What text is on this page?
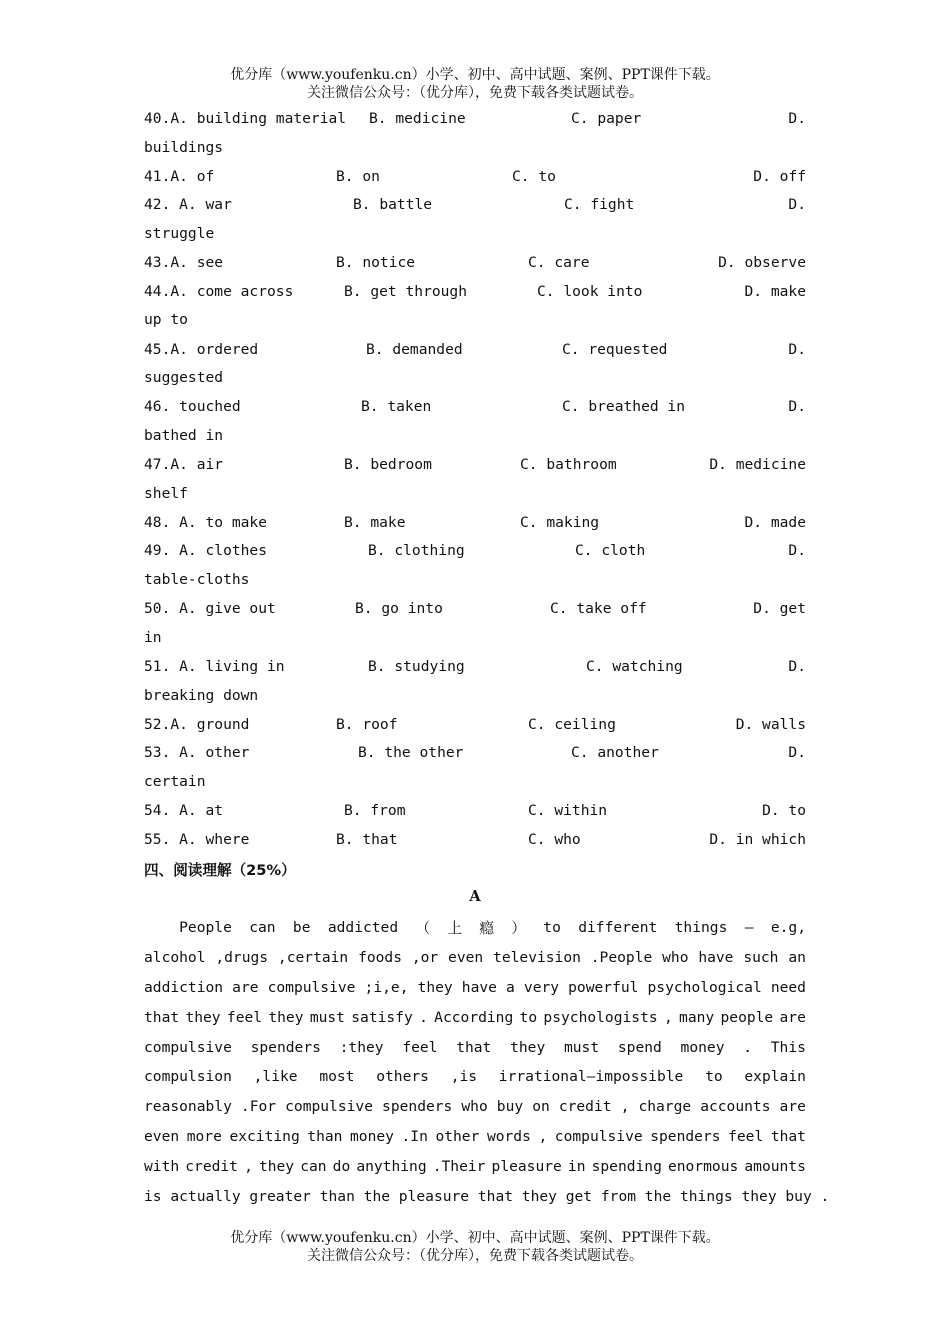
优分库（www.youfenku.cn）小学、初中、高中试题、案例、PPT课件下载。
关注微信公众号：（优分库），免费下载各类试题试卷。
40.A. building material B. medicine	C. paper	D.
buildings
41.A. of	B. on	C. to	D. off
42. A. war	B. battle	C. fight	D.
struggle
43.A. see	B. notice	C. care	D. observe
44.A. come across	B. get through	C. look into	D. make
up to
45.A. ordered	B. demanded	C. requested	D.
suggested
46. touched	B. taken	C. breathed in	D.
bathed in
47.A. air	B. bedroom	C. bathroom	D. medicine
shelf
48. A. to make	B. make	C. making	D. made
49. A. clothes	B. clothing	C. cloth	D.
table-cloths
50. A. give out	B. go into	C. take off	D. get
in
51. A. living in	B. studying	C. watching	D.
breaking down
52.A. ground	B. roof	C. ceiling	D. walls
53. A. other	B. the other	C. another	D.
certain
54. A. at	B. from	C. within	D. to
55. A. where	B. that	C. who	D. in which
四、阅读理解（25%）
A
People can be addicted （ 上 瘾 ） to different things — e.g,
alcohol ,drugs ,certain foods ,or even television .People who have such an
addiction are compulsive ;i,e, they have a very powerful psychological need
that they feel they must satisfy . According to psychologists , many people are
compulsive spenders :they feel that they must spend money . This
compulsion ,like most others ,is irrational—impossible to explain
reasonably .For compulsive spenders who buy on credit , charge accounts are
even more exciting than money .In other words , compulsive spenders feel that
with credit , they can do anything .Their pleasure in spending enormous amounts
is actually greater than the pleasure that they get from the things they buy .
优分库（www.youfenku.cn）小学、初中、高中试题、案例、PPT课件下载。
关注微信公众号：（优分库），免费下载各类试题试卷。
